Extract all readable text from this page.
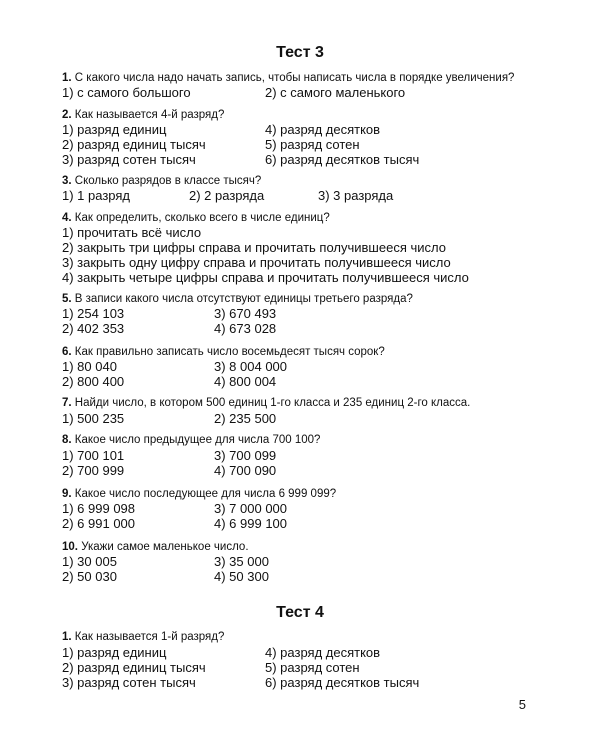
Тест 3
1. С какого числа надо начать запись, чтобы написать числа в порядке увеличения?
1) с самого большого	2) с самого маленького
2. Как называется 4-й разряд?
1) разряд единиц	4) разряд десятков
2) разряд единиц тысяч	5) разряд сотен
3) разряд сотен тысяч	6) разряд десятков тысяч
3. Сколько разрядов в классе тысяч?
1) 1 разряд	2) 2 разряда	3) 3 разряда
4. Как определить, сколько всего в числе единиц?
1) прочитать всё число
2) закрыть три цифры справа и прочитать получившееся число
3) закрыть одну цифру справа и прочитать получившееся число
4) закрыть четыре цифры справа и прочитать получившееся число
5. В записи какого числа отсутствуют единицы третьего разряда?
1) 254 103	3) 670 493
2) 402 353	4) 673 028
6. Как правильно записать число восемьдесят тысяч сорок?
1) 80 040	3) 8 004 000
2) 800 400	4) 800 004
7. Найди число, в котором 500 единиц 1-го класса и 235 единиц 2-го класса.
1) 500 235	2) 235 500
8. Какое число предыдущее для числа 700 100?
1) 700 101	3) 700 099
2) 700 999	4) 700 090
9. Какое число последующее для числа 6 999 099?
1) 6 999 098	3) 7 000 000
2) 6 991 000	4) 6 999 100
10. Укажи самое маленькое число.
1) 30 005	3) 35 000
2) 50 030	4) 50 300
Тест 4
1. Как называется 1-й разряд?
1) разряд единиц	4) разряд десятков
2) разряд единиц тысяч	5) разряд сотен
3) разряд сотен тысяч	6) разряд десятков тысяч
5
